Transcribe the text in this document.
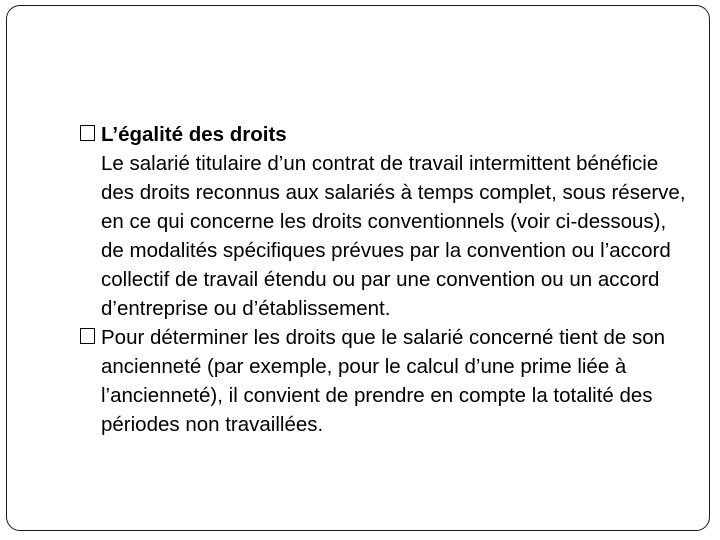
L’égalité des droits
Le salarié titulaire d’un contrat de travail intermittent bénéficie des droits reconnus aux salariés à temps complet, sous réserve, en ce qui concerne les droits conventionnels (voir ci-dessous), de modalités spécifiques prévues par la convention ou l’accord collectif de travail étendu ou par une convention ou un accord d’entreprise ou d’établissement.
Pour déterminer les droits que le salarié concerné tient de son ancienneté (par exemple, pour le calcul d’une prime liée à l’ancienneté), il convient de prendre en compte la totalité des périodes non travaillées.
